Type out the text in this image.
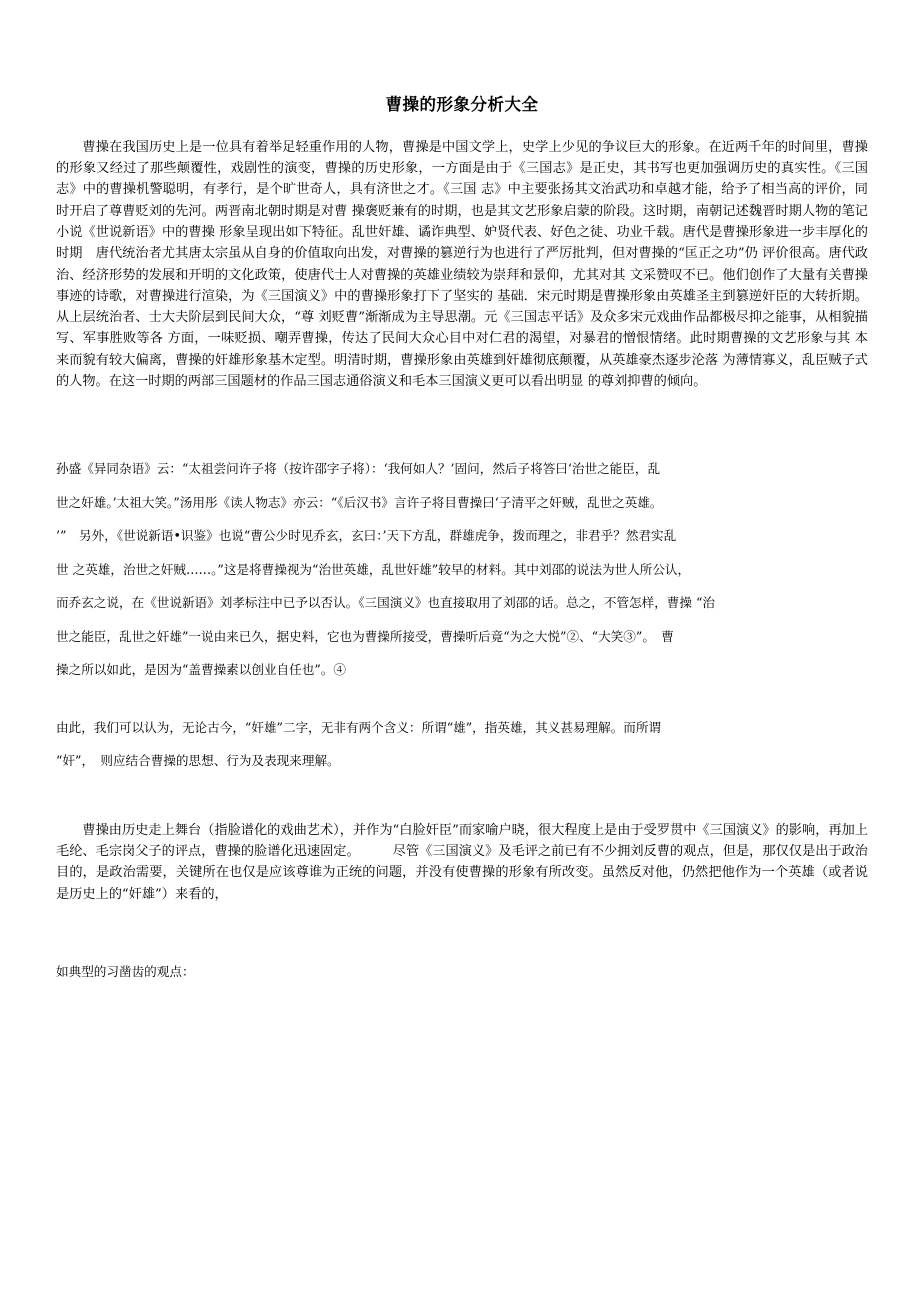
曹操的形象分析大全

曹操在我国历史上是一位具有着举足轻重作用的人物，曹操是中国文学上，史学上少见的争议巨大的形象。在近两千年的时间里，曹操的形象又经过了那些颠覆性，戏剧性的演变，曹操的历史形象，一方面是由于《三国志》是正史，其书写也更加强调历史的真实性。《三国志》中的曹操机警聪明，有孝行，是个旷世奇人，具有济世之才。《三国 志》中主要张扬其文治武功和卓越才能，给予了相当高的评价，同时开启了尊曹贬刘的先河。两晋南北朝时期是对曹 操褒贬兼有的时期，也是其文艺形象启蒙的阶段。这时期，南朝记述魏晋时期人物的笔记小说《世说新语》中的曹操 形象呈现出如下特征。乱世奸雄、谲诈典型、妒贤代表、好色之徒、功业千载。唐代是曹操形象进一步丰厚化的时期　唐代统治者尤其唐太宗虽从自身的价值取向出发，对曹操的篡逆行为也进行了严厉批判，但对曹操的“匡正之功”仍 评价很高。唐代政治、经济形势的发展和开明的文化政策，使唐代士人对曹操的英雄业绩较为崇拜和景仰，尤其对其 文采赞叹不已。他们创作了大量有关曹操事迹的诗歌，对曹操进行渲染，为《三国演义》中的曹操形象打下了坚实的 基础．宋元时期是曹操形象由英雄圣主到篡逆奸臣的大转折期。从上层统治者、士大夫阶层到民间大众，“尊 刘贬曹”渐渐成为主导思潮。元《三国志平话》及众多宋元戏曲作品都极尽抑之能事，从相貌描写、军事胜败等各 方面，一味贬损、嘲弄曹操，传达了民间大众心目中对仁君的渴望，对暴君的憎恨情绪。此时期曹操的文艺形象与其 本来而貌有较大偏离，曹操的奸雄形象基木定型。明清时期，曹操形象由英雄到奸雄彻底颠覆，从英雄豪杰逐步沦落 为薄情寡义，乱臣贼子式的人物。在这一时期的两部三国题材的作品三国志通俗演义和毛本三国演义更可以看出明显 的尊刘抑曹的倾向。

孙盛《异同杂语》云：“太祖尝问许子将（按许邵字子将）：‘我何如人？’固问，然后子将答曰‘治世之能臣，乱
世之奸雄。’太祖大笑。”汤用彤《读人物志》亦云：“《后汉书》言许子将目曹操曰‘子清平之奸贼，乱世之英雄。
’”　另外，《世说新语•识鉴》也说“曹公少时见乔玄，玄曰：’天下方乱，群雄虎争，拨而理之，非君乎？然君实乱
世 之英雄，治世之奸贼……。”这是将曹操视为“治世英雄，乱世奸雄”较早的材料。其中刘邵的说法为世人所公认，
而乔玄之说，在《世说新语》刘孝标注中已予以否认。《三国演义》也直接取用了刘邵的话。总之，不管怎样，曹操 “治
世之能臣，乱世之奸雄”一说由来已久，据史料，它也为曹操所接受，曹操听后竟“为之大悦”②、“大笑③”。　曹
操之所以如此，是因为“盖曹操素以创业自任也”。④
由此，我们可以认为，无论古今，“奸雄”二字，无非有两个含义：所谓“雄”，指英雄，其义甚易理解。而所谓
“奸”，　则应结合曹操的思想、行为及表现来理解。

曹操由历史走上舞台（指脸谱化的戏曲艺术），并作为“白脸奸臣”而家喻户晓，很大程度上是由于受罗贯中《三国演义》的影响，再加上毛纶、毛宗岗父子的评点，曹操的脸谱化迅速固定。　　　尽管《三国演义》及毛评之前已有不少拥刘反曹的观点，但是，那仅仅是出于政治目的，是政治需要，关键所在也仅是应该尊谁为正统的问题，并没有使曹操的形象有所改变。虽然反对他，仍然把他作为一个英雄（或者说是历史上的“奸雄”）来看的，

如典型的习凿齿的观点：
